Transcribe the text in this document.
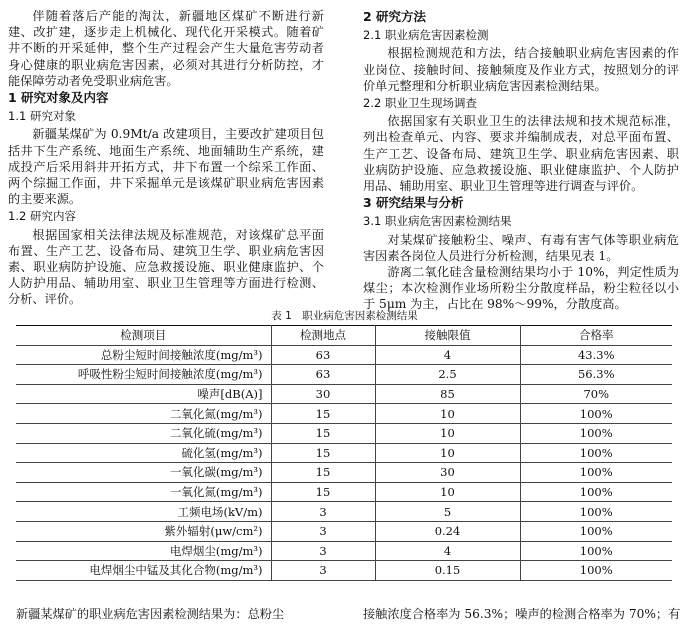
伴随着落后产能的淘汰，新疆地区煤矿不断进行新建、改扩建，逐步走上机械化、现代化开采模式。随着矿井不断的开采延伸，整个生产过程会产生大量危害劳动者身心健康的职业病危害因素，必须对其进行分析防控，才能保障劳动者免受职业病危害。

1 研究对象及内容
1.1 研究对象

新疆某煤矿为 0.9Mt/a 改建项目，主要改扩建项目包括井下生产系统、地面生产系统、地面辅助生产系统，建成投产后采用斜井开拓方式，井下布置一个综采工作面、两个综掘工作面，井下采掘单元是该煤矿职业病危害因素的主要来源。

1.2 研究内容

根据国家相关法律法规及标准规范，对该煤矿总平面布置、生产工艺、设备布局、建筑卫生学、职业病危害因素、职业病防护设施、应急救援设施、职业健康监护、个人防护用品、辅助用室、职业卫生管理等方面进行检测、分析、评价。

2 研究方法
2.1 职业病危害因素检测

根据检测规范和方法，结合接触职业病危害因素的作业岗位、接触时间、接触频度及作业方式，按照划分的评价单元整理和分析职业病危害因素检测结果。

2.2 职业卫生现场调查

依据国家有关职业卫生的法律法规和技术规范标准，列出检查单元、内容、要求并编制成表，对总平面布置、生产工艺、设备布局、建筑卫生学、职业病危害因素、职业病防护设施、应急救援设施、职业健康监护、个人防护用品、辅助用室、职业卫生管理等进行调查与评价。

3 研究结果与分析
3.1 职业病危害因素检测结果

对某煤矿接触粉尘、噪声、有毒有害气体等职业病危害因素各岗位人员进行分析检测，结果见表 1。

游离二氧化硅含量检测结果均小于 10%，判定性质为煤尘；本次检测作业场所粉尘分散度样品，粉尘粒径以小于 5μm 为主，占比在 98%～99%，分散度高。

表 1　职业病危害因素检测结果
检测项目	检测地点	接触限值	合格率
总粉尘短时间接触浓度(mg/m³)	63	4	43.3%
呼吸性粉尘短时间接触浓度(mg/m³)	63	2.5	56.3%
噪声[dB(A)]	30	85	70%
二氧化氮(mg/m³)	15	10	100%
二氧化硫(mg/m³)	15	10	100%
硫化氢(mg/m³)	15	10	100%
一氧化碳(mg/m³)	15	30	100%
一氧化氮(mg/m³)	15	10	100%
工频电场(kV/m)	3	5	100%
紫外辐射(μw/cm²)	3	0.24	100%
电焊烟尘(mg/m³)	3	4	100%
电焊烟尘中锰及其化合物(mg/m³)	3	0.15	100%
新疆某煤矿的职业病危害因素检测结果为：总粉尘	接触浓度合格率为 56.3%；噪声的检测合格率为 70%；有
